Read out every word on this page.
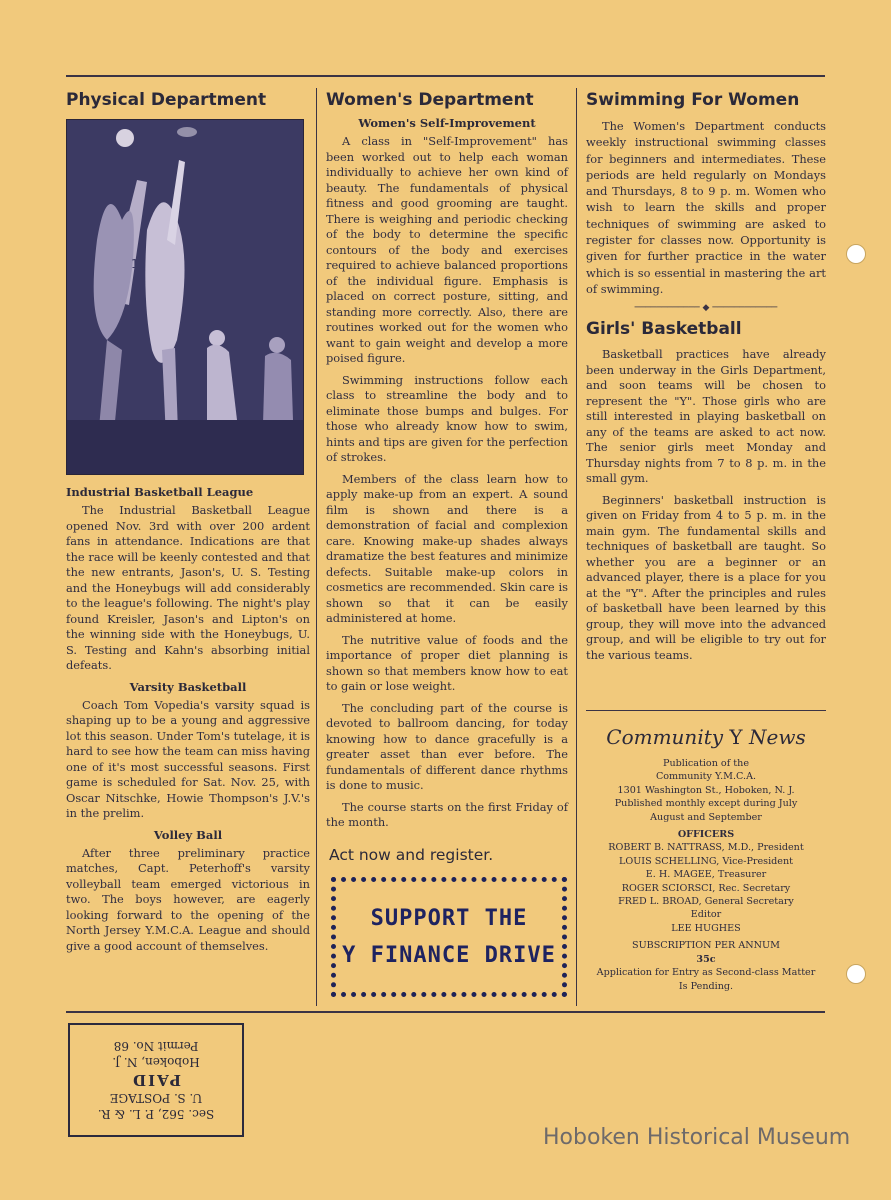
Physical Department
15

Industrial Basketball League

The Industrial Basketball League opened Nov. 3rd with over 200 ardent fans in attendance. Indications are that the race will be keenly contested and that the new entrants, Jason's, U. S. Testing and the Honeybugs will add considerably to the league's following. The night's play found Kreisler, Jason's and Lipton's on the winning side with the Honeybugs, U. S. Testing and Kahn's absorbing initial defeats.

Varsity Basketball

Coach Tom Vopedia's varsity squad is shaping up to be a young and aggressive lot this season. Under Tom's tutelage, it is hard to see how the team can miss having one of it's most successful seasons. First game is scheduled for Sat. Nov. 25, with Oscar Nitschke, Howie Thompson's J.V.'s in the prelim.

Volley Ball

After three preliminary practice matches, Capt. Peterhoff's varsity volleyball team emerged victorious in two. The boys however, are eagerly looking forward to the opening of the North Jersey Y.M.C.A. League and should give a good account of themselves.

Women's Department

Women's Self-Improvement

A class in "Self-Improvement" has been worked out to help each woman individually to achieve her own kind of beauty. The fundamentals of physical fitness and good grooming are taught. There is weighing and periodic checking of the body to determine the specific contours of the body and exercises required to achieve balanced proportions of the individual figure. Emphasis is placed on correct posture, sitting, and standing more correctly. Also, there are routines worked out for the women who want to gain weight and develop a more poised figure.

Swimming instructions follow each class to streamline the body and to eliminate those bumps and bulges. For those who already know how to swim, hints and tips are given for the perfection of strokes.

Members of the class learn how to apply make-up from an expert. A sound film is shown and there is a demonstration of facial and complexion care. Knowing make-up shades always dramatize the best features and minimize defects. Suitable make-up colors in cosmetics are recommended. Skin care is shown so that it can be easily administered at home.

The nutritive value of foods and the importance of proper diet planning is shown so that members know how to eat to gain or lose weight.

The concluding part of the course is devoted to ballroom dancing, for today knowing how to dance gracefully is a greater asset than ever before. The fundamentals of different dance rhythms is done to music.

The course starts on the first Friday of the month.

Act now and register.
SUPPORT THE
Y FINANCE DRIVE
Swimming For Women

The Women's Department conducts weekly instructional swimming classes for beginners and intermediates. These periods are held regularly on Mondays and Thursdays, 8 to 9 p. m. Women who wish to learn the skills and proper techniques of swimming are asked to register for classes now. Opportunity is given for further practice in the water which is so essential in mastering the art of swimming.

──────────── ◆ ────────────
Girls' Basketball

Basketball practices have already been underway in the Girls Department, and soon teams will be chosen to represent the "Y". Those girls who are still interested in playing basketball on any of the teams are asked to act now. The senior girls meet Monday and Thursday nights from 7 to 8 p. m. in the small gym.

Beginners' basketball instruction is given on Friday from 4 to 5 p. m. in the main gym. The fundamental skills and techniques of basketball are taught. So whether you are a beginner or an advanced player, there is a place for you at the "Y". After the principles and rules of basketball have been learned by this group, they will move into the advanced group, and will be eligible to try out for the various teams.

Community Y News

Publication of the

Community Y.M.C.A.

1301 Washington St., Hoboken, N. J.

Published monthly except during July

August and September

OFFICERS

ROBERT B. NATTRASS, M.D., President

LOUIS SCHELLING, Vice-President

E. H. MAGEE, Treasurer

ROGER SCIORSCI, Rec. Secretary

FRED L. BROAD, General Secretary

Editor

LEE HUGHES

SUBSCRIPTION PER ANNUM

35c

Application for Entry as Second-class Matter

Is Pending.

Sec. 562, P. L. & R.
U. S. POSTAGE
PAID
Hoboken, N. J.
Permit No. 68
Hoboken Historical Museum
